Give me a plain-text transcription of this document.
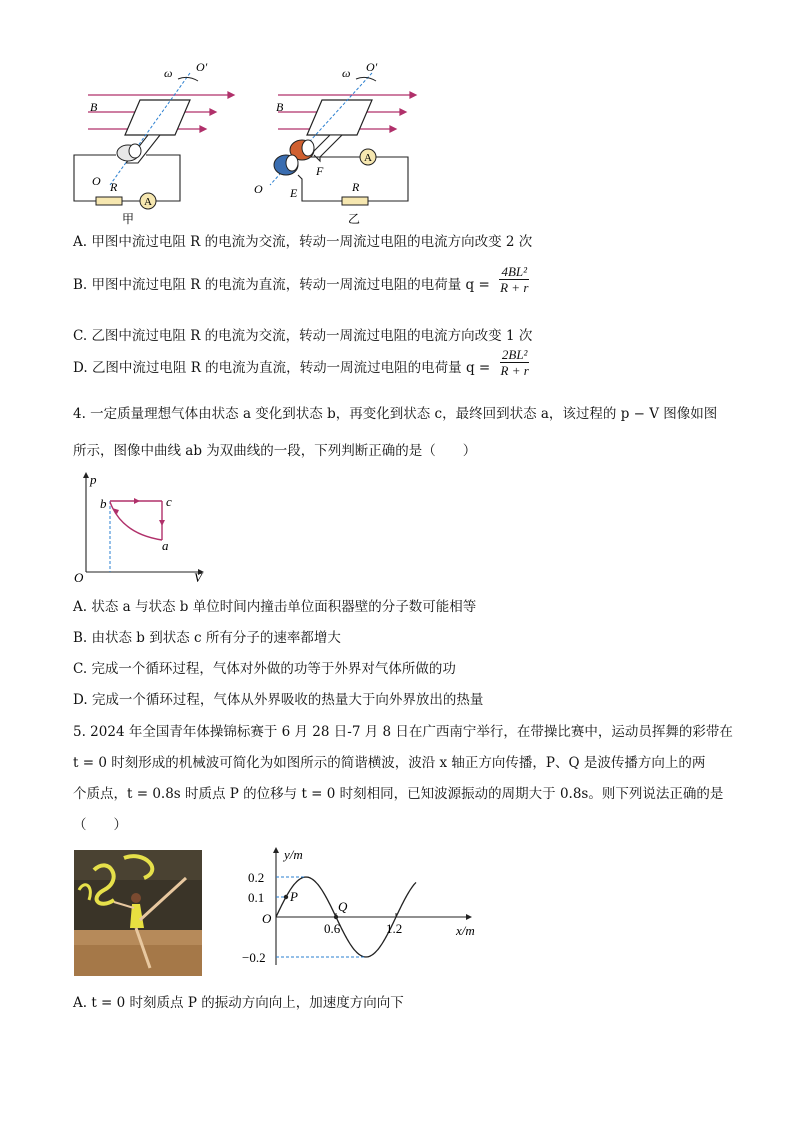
A
ω O′
B
O R
甲
A
ω O′
B
O
F
E	R
乙
A. 甲图中流过电阻 R 的电流为交流，转动一周流过电阻的电流方向改变 2 次
B. 甲图中流过电阻 R 的电流为直流，转动一周流过电阻的电荷量 $q = \frac{\text{4BL²}}{R + r}$
C. 乙图中流过电阻 R 的电流为交流，转动一周流过电阻的电流方向改变 1 次
D. 乙图中流过电阻 R 的电流为直流，转动一周流过电阻的电荷量 $q = \frac{\text{2BL²}}{R + r}$
4. 一定质量理想气体由状态 a 变化到状态 b，再变化到状态 c，最终回到状态 a，该过程的 p − V 图像如图
所示，图像中曲线 ab 为双曲线的一段，下列判断正确的是（　　）
p
V
O
b	c
a
A. 状态 a 与状态 b 单位时间内撞击单位面积器壁的分子数可能相等
B. 由状态 b 到状态 c 所有分子的速率都增大
C. 完成一个循环过程，气体对外做的功等于外界对气体所做的功
D. 完成一个循环过程，气体从外界吸收的热量大于向外界放出的热量
5. 2024 年全国青年体操锦标赛于 6 月 28 日-7 月 8 日在广西南宁举行，在带操比赛中，运动员挥舞的彩带在
t = 0 时刻形成的机械波可简化为如图所示的简谐横波，波沿 x 轴正方向传播，P、Q 是波传播方向上的两
个质点，t = 0.8s 时质点 P 的位移与 t = 0 时刻相同，已知波源振动的周期大于 0.8s。则下列说法正确的是
（　　）
y/m
x/m
O
0.2
0.1
−0.2
0.6	1.2
P
Q
A. t = 0 时刻质点 P 的振动方向向上，加速度方向向下
